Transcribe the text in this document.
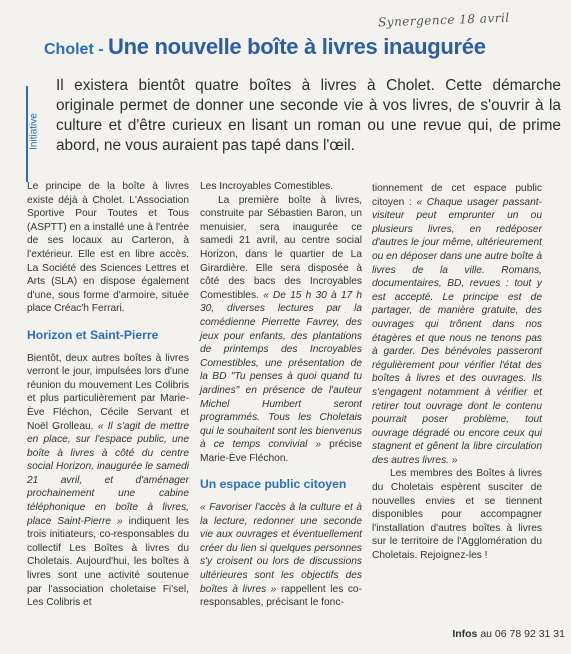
Synergence 18 avril
Cholet - Une nouvelle boîte à livres inaugurée
Initiative
Il existera bientôt quatre boîtes à livres à Cholet. Cette démarche originale permet de donner une seconde vie à vos livres, de s'ouvrir à la culture et d'être curieux en lisant un roman ou une revue qui, de prime abord, ne vous auraient pas tapé dans l'œil.

Le principe de la boîte à livres existe déjà à Cholet. L'Association Sportive Pour Toutes et Tous (ASPTT) en a installé une à l'entrée de ses locaux au Carteron, à l'extérieur. Elle est en libre accès. La Société des Sciences Lettres et Arts (SLA) en dispose également d'une, sous forme d'armoire, située place Créac'h Ferrari.

Horizon et Saint-Pierre

Bientôt, deux autres boîtes à livres verront le jour, impulsées lors d'une réunion du mouvement Les Colibris et plus particulièrement par Marie-Ève Fléchon, Cécile Servant et Noël Grolleau. « Il s'agit de mettre en place, sur l'espace public, une boîte à livres à côté du centre social Horizon, inaugurée le samedi 21 avril, et d'aménager prochainement une cabine téléphonique en boîte à livres, place Saint-Pierre » indiquent les trois initiateurs, co-responsables du collectif Les Boîtes à livres du Choletais. Aujourd'hui, les boîtes à livres sont une activité soutenue par l'association choletaise Fi'sel, Les Colibris et

Les Incroyables Comestibles.

La première boîte à livres, construite par Sébastien Baron, un menuisier, sera inaugurée ce samedi 21 avril, au centre social Horizon, dans le quartier de La Girardière. Elle sera disposée à côté des bacs des Incroyables Comestibles. « De 15 h 30 à 17 h 30, diverses lectures par la comédienne Pierrette Favrey, des jeux pour enfants, des plantations de printemps des Incroyables Comestibles, une présentation de la BD "Tu penses à quoi quand tu jardines" en présence de l'auteur Michel Humbert seront programmés. Tous les Choletais qui le souhaitent sont les bienvenus à ce temps convivial » précise Marie-Ève Fléchon.

Un espace public citoyen

« Favoriser l'accès à la culture et à la lecture, redonner une seconde vie aux ouvrages et éventuellement créer du lien si quelques personnes s'y croisent ou lors de discussions ultérieures sont les objectifs des boîtes à livres » rappellent les co-responsables, précisant le fonc-

tionnement de cet espace public citoyen : « Chaque usager passant-visiteur peut emprunter un ou plusieurs livres, en redéposer d'autres le jour même, ultérieurement ou en déposer dans une autre boîte à livres de la ville. Romans, documentaires, BD, revues : tout y est accepté. Le principe est de partager, de manière gratuite, des ouvrages qui trônent dans nos étagères et que nous ne tenons pas à garder. Des bénévoles passeront régulièrement pour vérifier l'état des boîtes à livres et des ouvrages. Ils s'engagent notamment à vérifier et retirer tout ouvrage dont le contenu pourrait poser problème, tout ouvrage dégradé ou encore ceux qui stagnent et gênent la libre circulation des autres livres. »

Les membres des Boîtes à livres du Choletais espèrent susciter de nouvelles envies et se tiennent disponibles pour accompagner l'installation d'autres boîtes à livres sur le territoire de l'Agglomération du Choletais. Rejoignez-les !

Infos au 06 78 92 31 31
